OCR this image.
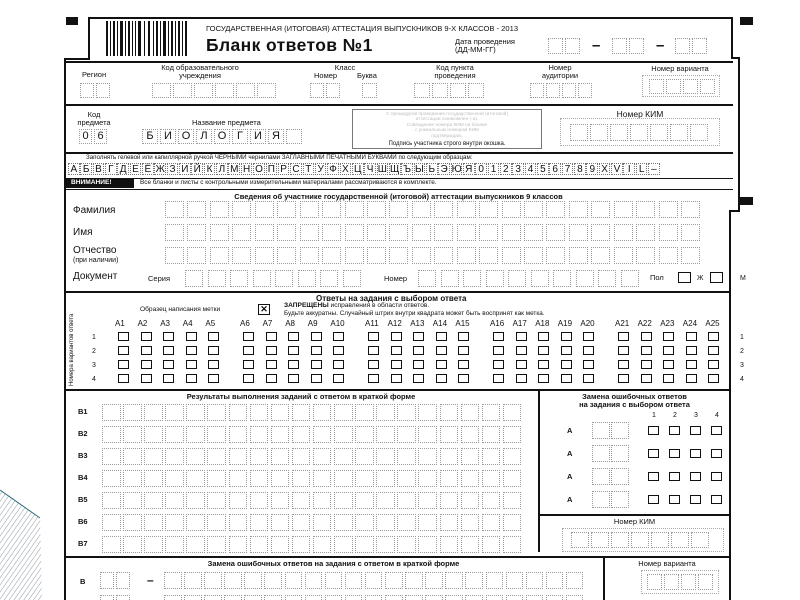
ГОСУДАРСТВЕННАЯ (ИТОГОВАЯ) АТТЕСТАЦИЯ ВЫПУСКНИКОВ 9-Х КЛАССОВ - 2013
Бланк ответов №1	Дата проведения
(ДД-ММ-ГГ)	–	–
Регион
Код образовательного
учреждения
Класс
Номер	Буква
Код пункта
проведения
Номер
аудитории
Номер варианта
Код
предмета
0 6
Название предмета
Б И О Л О Г	И Я
С процедурой проведения государственной (итоговой)
аттестации ознакомлен (-а).
Совпадение номера КИМ на бланке
с уникальным номером КИМ
подтверждаю.
Подпись участника строго внутри окошка.
Номер КИМ
Заполнять гелевой или капиллярной ручкой ЧЕРНЫМИ чернилами ЗАГЛАВНЫМИ ПЕЧАТНЫМИ БУКВАМИ по следующим образцам:
А Б В Г Д Е Ё Ж З И Й К Л М Н О П Р С Т У Ф Х Ц Ч Ш Щ Ъ Ы Ь Э Ю Я 0 1 2 3 4 5 6 7 8 9 X V I L –
ВНИМАНИЕ!	Все бланки и листы с контрольными измерительными материалами рассматриваются в комплекте.
Сведения об участнике государственной (итоговой) аттестации выпускников 9 классов
Фамилия
Имя
Отчество
(при наличии)
Документ	Серия	Номер	Пол	Ж	М
Ответы на задания с выбором ответа
Образец написания метки	✕	ЗАПРЕЩЕНЫ исправления в области ответов.
Будьте аккуратны. Случайный штрих внутри квадрата может быть воспринят как метка.
Номера вариантов ответа	A1 A2 A3 A4 A5	A6 A7 A8 A9 A10	A11 A12 A13 A14 A15	A16 A17 A18 A19 A20	A21 A22 A23 A24 A25
1	1
2	2
3	3
4	4
Результаты выполнения заданий с ответом в краткой форме
B1
B2
B3
B4
B5
B6
B7
Замена ошибочных ответов
на задания с выбором ответа
1 2 3 4
А
А
А
А
Номер КИМ
Замена ошибочных ответов на задания с ответом в краткой форме
В	–
Номер варианта
